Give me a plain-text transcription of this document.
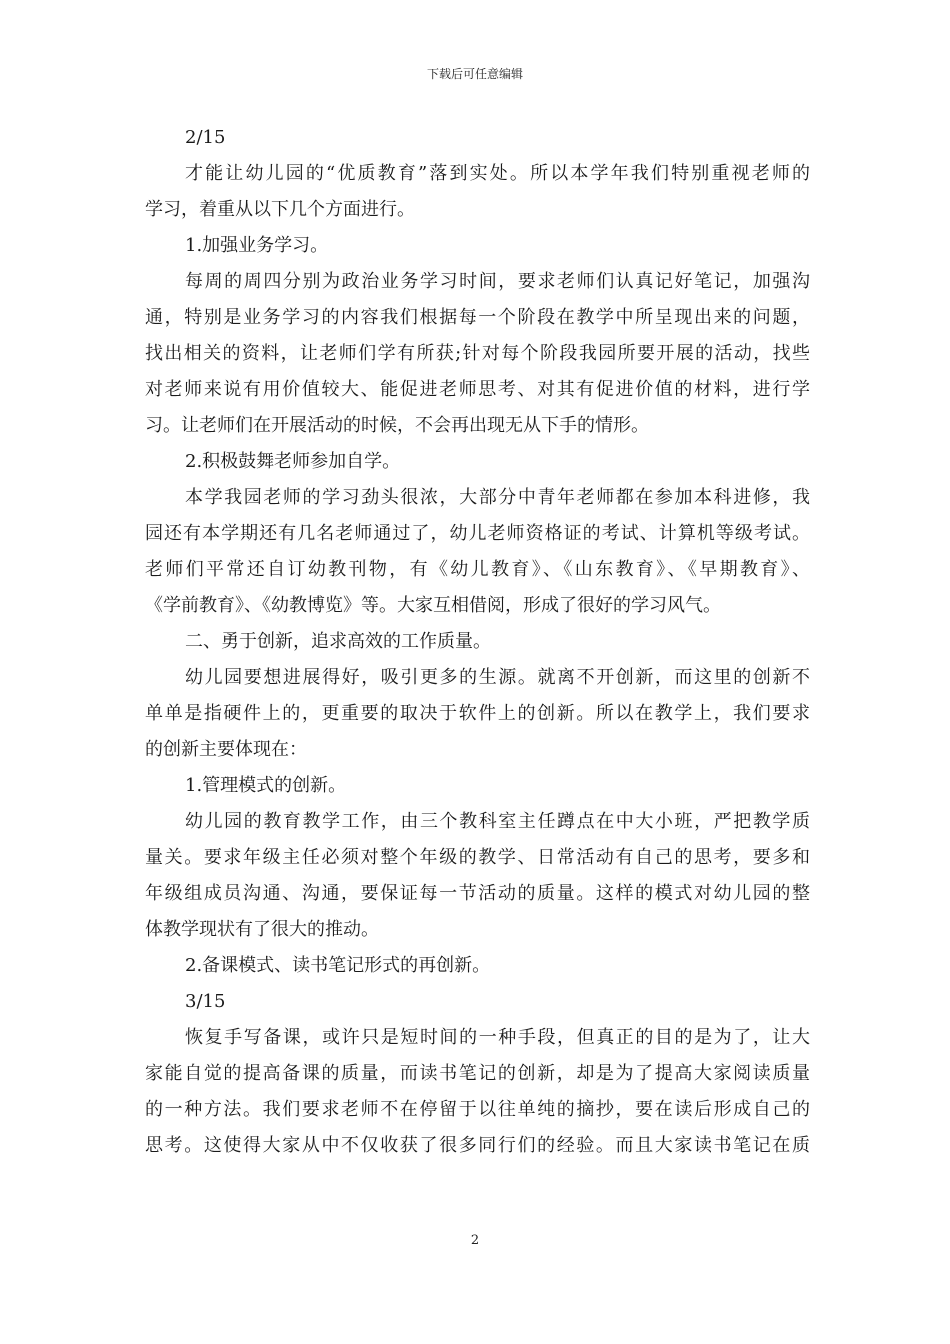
下载后可任意编辑
2/15
才能让幼儿园的“优质教育”落到实处。所以本学年我们特别重视老师的
学习，着重从以下几个方面进行。
1.加强业务学习。
每周的周四分别为政治业务学习时间，要求老师们认真记好笔记，加强沟
通，特别是业务学习的内容我们根据每一个阶段在教学中所呈现出来的问题，
找出相关的资料，让老师们学有所获;针对每个阶段我园所要开展的活动，找些
对老师来说有用价值较大、能促进老师思考、对其有促进价值的材料，进行学
习。让老师们在开展活动的时候，不会再出现无从下手的情形。
2.积极鼓舞老师参加自学。
本学我园老师的学习劲头很浓，大部分中青年老师都在参加本科进修，我
园还有本学期还有几名老师通过了，幼儿老师资格证的考试、计算机等级考试。
老师们平常还自订幼教刊物，有《幼儿教育》、《山东教育》、《早期教育》、
《学前教育》、《幼教博览》等。大家互相借阅，形成了很好的学习风气。
二、勇于创新，追求高效的工作质量。
幼儿园要想进展得好，吸引更多的生源。就离不开创新，而这里的创新不
单单是指硬件上的，更重要的取决于软件上的创新。所以在教学上，我们要求
的创新主要体现在：
1.管理模式的创新。
幼儿园的教育教学工作，由三个教科室主任蹲点在中大小班，严把教学质
量关。要求年级主任必须对整个年级的教学、日常活动有自己的思考，要多和
年级组成员沟通、沟通，要保证每一节活动的质量。这样的模式对幼儿园的整
体教学现状有了很大的推动。
2.备课模式、读书笔记形式的再创新。
3/15
恢复手写备课，或许只是短时间的一种手段，但真正的目的是为了，让大
家能自觉的提高备课的质量，而读书笔记的创新，却是为了提高大家阅读质量
的一种方法。我们要求老师不在停留于以往单纯的摘抄，要在读后形成自己的
思考。这使得大家从中不仅收获了很多同行们的经验。而且大家读书笔记在质
2
